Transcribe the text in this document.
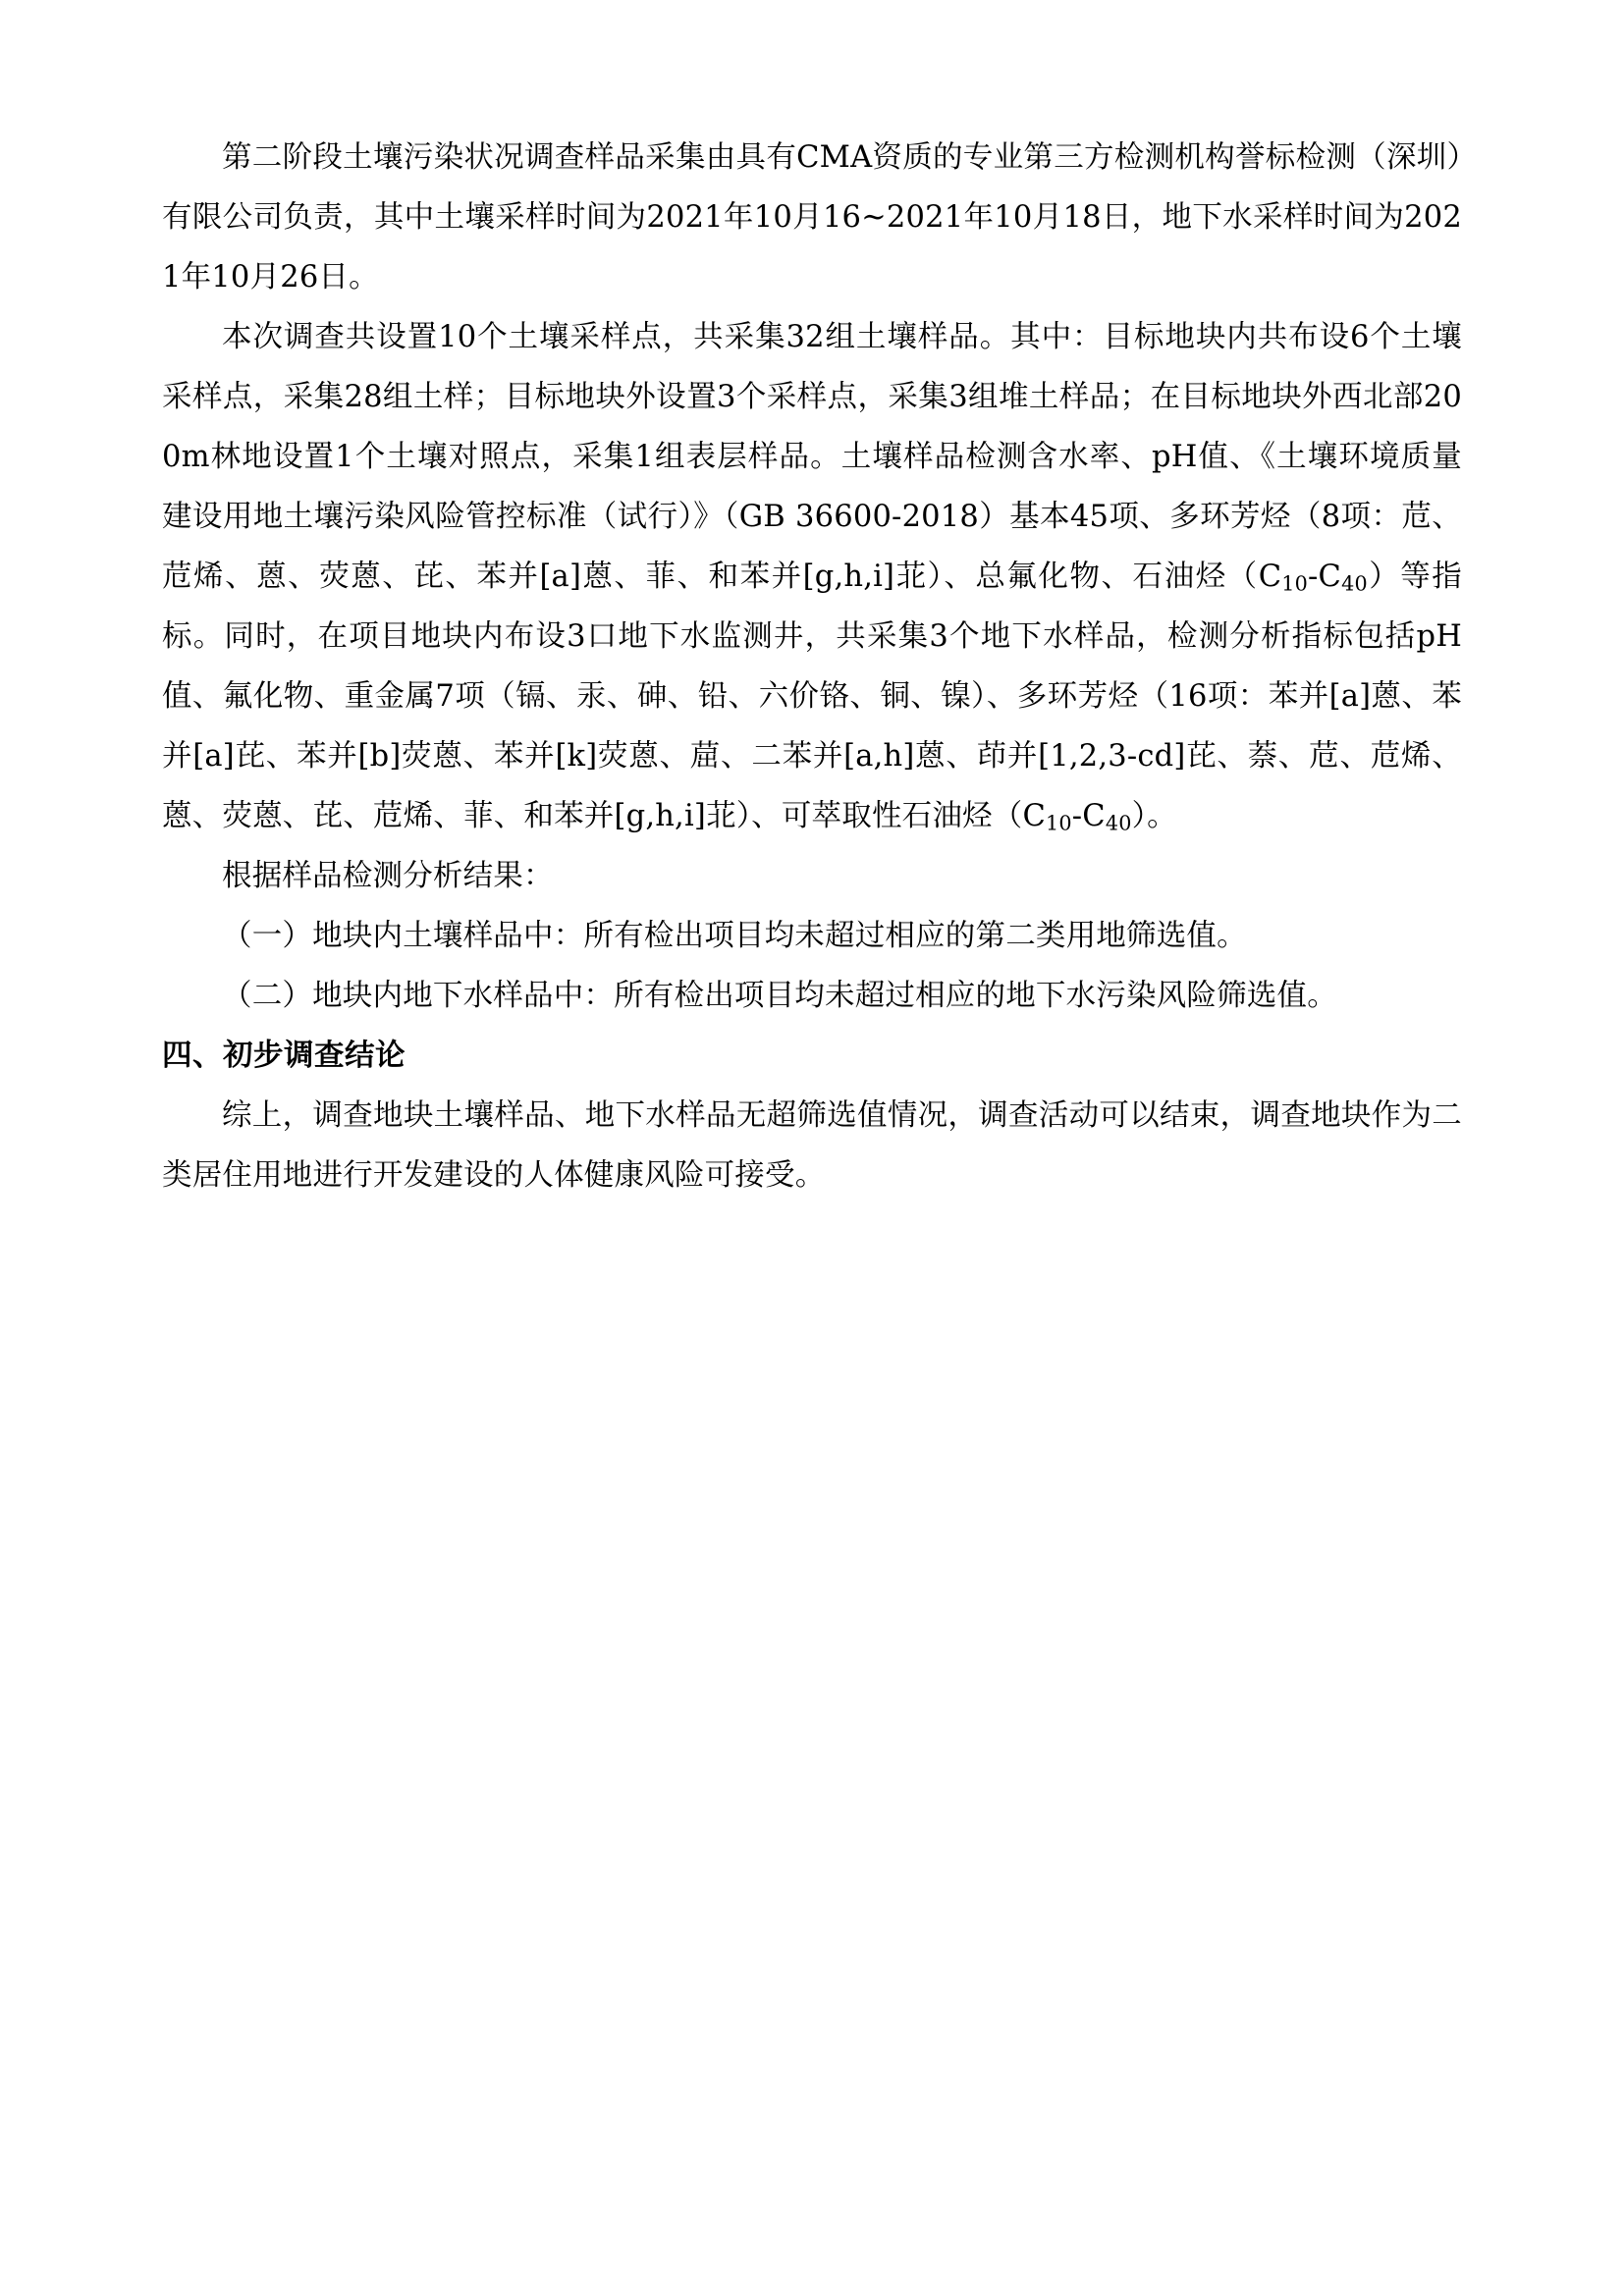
第二阶段土壤污染状况调查样品采集由具有CMA资质的专业第三方检测机构誉标检测（深圳）有限公司负责，其中土壤采样时间为2021年10月16~2021年10月18日，地下水采样时间为2021年10月26日。

本次调查共设置10个土壤采样点，共采集32组土壤样品。其中：目标地块内共布设6个土壤采样点，采集28组土样；目标地块外设置3个采样点，采集3组堆土样品；在目标地块外西北部200m林地设置1个土壤对照点，采集1组表层样品。土壤样品检测含水率、pH值、《土壤环境质量 建设用地土壤污染风险管控标准（试行）》（GB 36600-2018）基本45项、多环芳烃（8项：苊、苊烯、蒽、荧蒽、芘、苯并[a]蒽、菲、和苯并[g,h,i]苝）、总氟化物、石油烃$(C_{10}-C_{40})$等指标。同时，在项目地块内布设3口地下水监测井，共采集3个地下水样品，检测分析指标包括pH值、氟化物、重金属7项（镉、汞、砷、铅、六价铬、铜、镍）、多环芳烃（16项：苯并[a]蒽、苯并[a]芘、苯并[b]荧蒽、苯并[k]荧蒽、䓛、二苯并[a,h]蒽、茚并[1,2,3-cd]芘、萘、苊、苊烯、蒽、荧蒽、芘、苊烯、菲、和苯并[g,h,i]苝）、可萃取性石油烃$(C_{10}-C_{40})$。

根据样品检测分析结果：

（一）地块内土壤样品中：所有检出项目均未超过相应的第二类用地筛选值。

（二）地块内地下水样品中：所有检出项目均未超过相应的地下水污染风险筛选值。

四、初步调查结论

综上，调查地块土壤样品、地下水样品无超筛选值情况，调查活动可以结束，调查地块作为二类居住用地进行开发建设的人体健康风险可接受。
